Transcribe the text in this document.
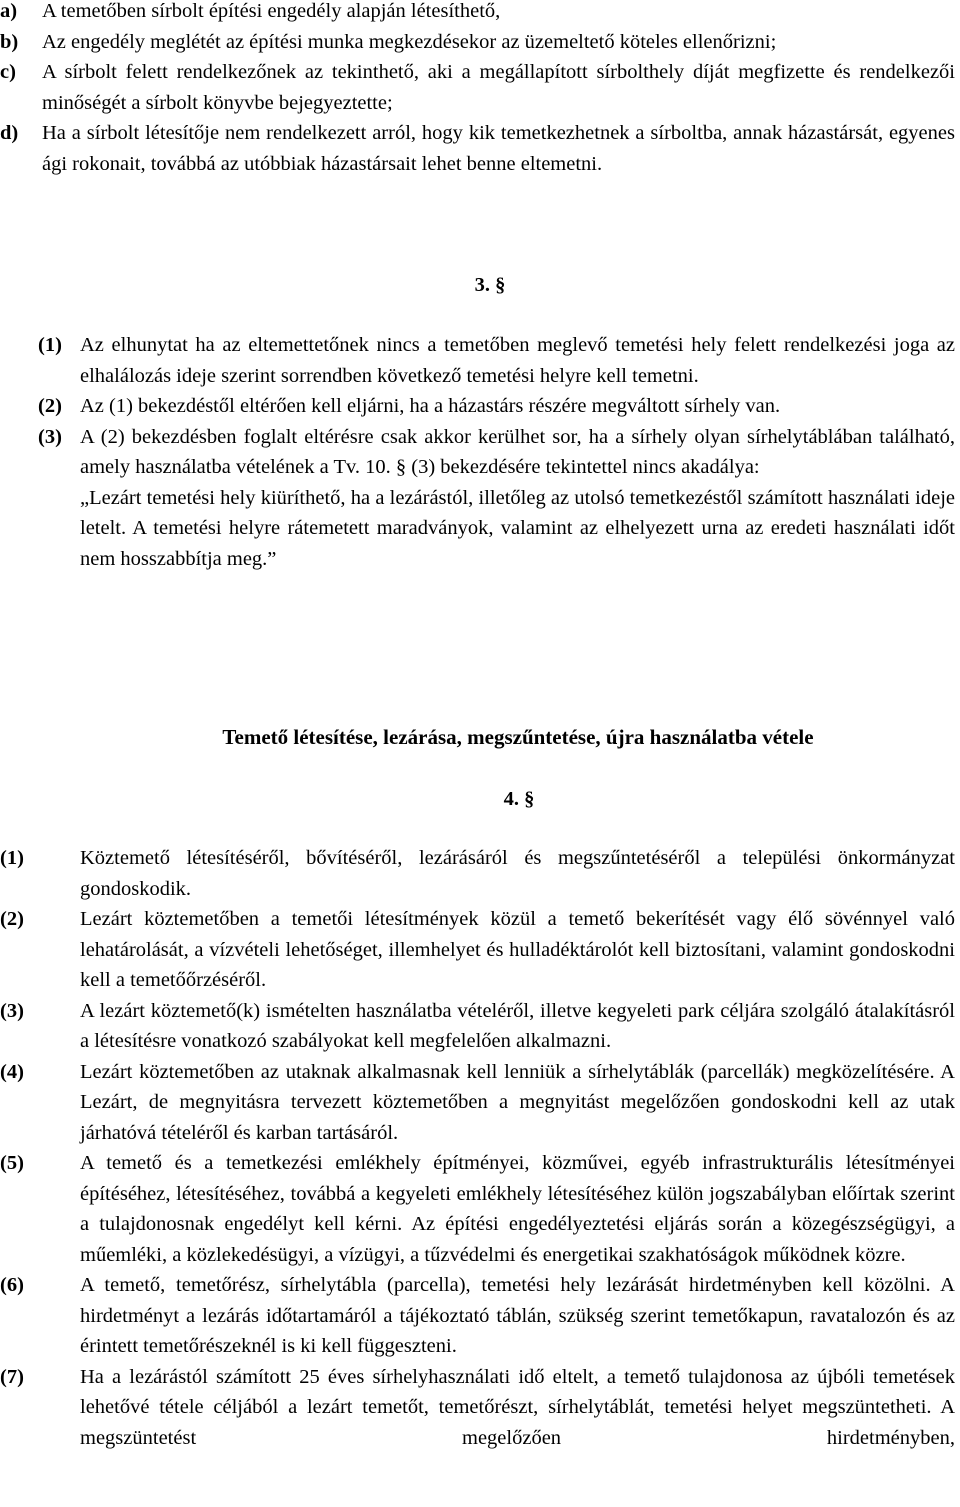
a) A temetőben sírbolt építési engedély alapján létesíthető,
b)	Az engedély meglétét az építési munka megkezdésekor az üzemeltető köteles ellenőrizni;
c) A sírbolt felett rendelkezőnek az tekinthető, aki a megállapított sírbolthely díját megfizette és rendelkezői minőségét a sírbolt könyvbe bejegyeztette;
d) Ha a sírbolt létesítője nem rendelkezett arról, hogy kik temetkezhetnek a sírboltba, annak házastársát, egyenes ági rokonait, továbbá az utóbbiak házastársait lehet benne eltemetni.
3. §
(1) Az elhunytat ha az eltemettetőnek nincs a temetőben meglevő temetési hely felett rendelkezési joga az elhalálozás ideje szerint sorrendben következő temetési helyre kell temetni.
(2) Az (1) bekezdéstől eltérően kell eljárni, ha a házastárs részére megváltott sírhely van.
(3) A (2) bekezdésben foglalt eltérésre csak akkor kerülhet sor, ha a sírhely olyan sírhelytáblában található, amely használatba vételének a Tv. 10. § (3) bekezdésére tekintettel nincs akadálya:
„Lezárt temetési hely kiüríthető, ha a lezárástól, illetőleg az utolsó temetkezéstől számított használati ideje letelt. A temetési helyre rátemetett maradványok, valamint az elhelyezett urna az eredeti használati időt nem hosszabbítja meg.”
Temető létesítése, lezárása, megszűntetése, újra használatba vétele
4. §
(1)	Köztemető létesítéséről, bővítéséről, lezárásáról és megszűntetéséről a települési önkormányzat gondoskodik.
(2)	Lezárt köztemetőben a temetői létesítmények közül a temető bekerítését vagy élő sövénnyel való lehatárolását, a vízvételi lehetőséget, illemhelyet és hulladéktárolót kell biztosítani, valamint gondoskodni kell a temetőőrzéséről.
(3)	A lezárt köztemető(k) ismételten használatba vételéről, illetve kegyeleti park céljára szolgáló átalakításról a létesítésre vonatkozó szabályokat kell megfelelően alkalmazni.
(4)	Lezárt köztemetőben az utaknak alkalmasnak kell lenniük a sírhelytáblák (parcellák) megközelítésére. A Lezárt, de megnyitásra tervezett köztemetőben a megnyitást megelőzően gondoskodni kell az utak járhatóvá tételéről és karban tartásáról.
(5)	A temető és a temetkezési emlékhely építményei, közművei, egyéb infrastrukturális létesítményei építéséhez, létesítéséhez, továbbá a kegyeleti emlékhely létesítéséhez külön jogszabályban előírtak szerint a tulajdonosnak engedélyt kell kérni. Az építési engedélyeztetési eljárás során a közegészségügyi, a műemléki, a közlekedésügyi, a vízügyi, a tűzvédelmi és energetikai szakhatóságok működnek közre.
(6)	A temető, temetőrész, sírhelytábla (parcella), temetési hely lezárását hirdetményben kell közölni. A hirdetményt a lezárás időtartamáról a tájékoztató táblán, szükség szerint temetőkapun, ravatalozón és az érintett temetőrészeknél is ki kell függeszteni.
(7)	Ha a lezárástól számított 25 éves sírhelyhasználati idő eltelt, a temető tulajdonosa az újbóli temetések lehetővé tétele céljából a lezárt temetőt, temetőrészt, sírhelytáblát, temetési helyet megszüntetheti. A megszüntetést megelőzően hirdetményben,
